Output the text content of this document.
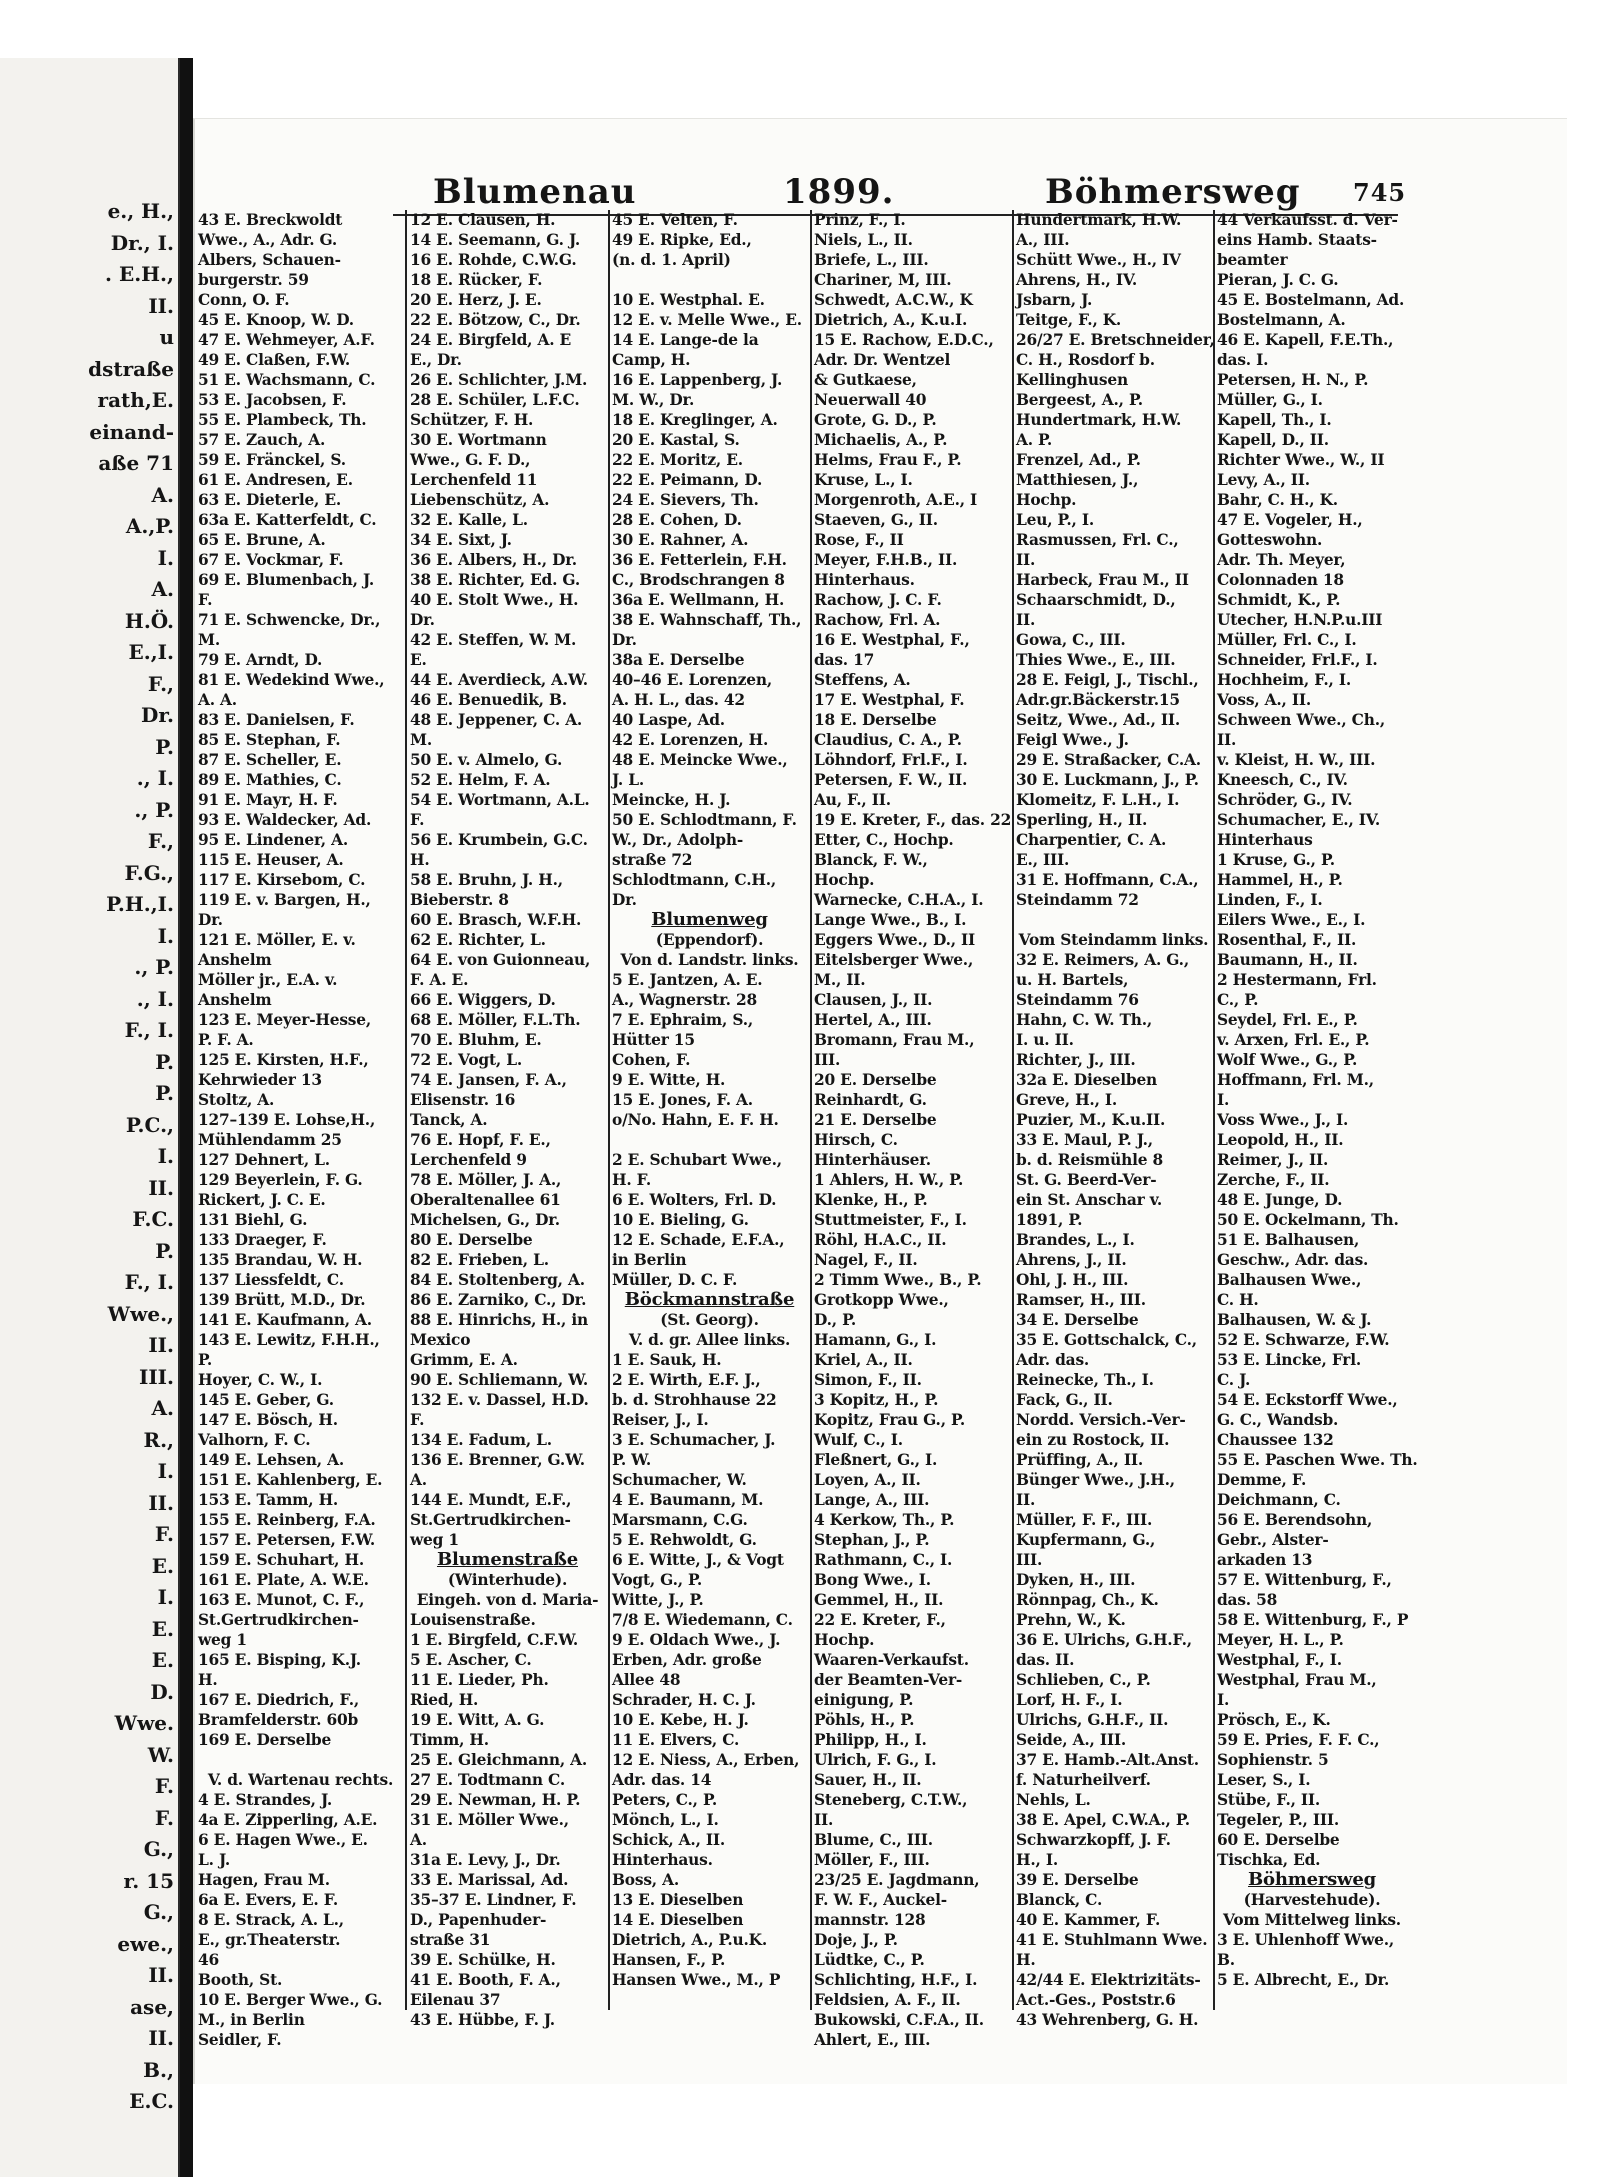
e., H.,
Dr., I.
. E.H.,
II.
u
dstraße
rath,E.
einand-
aße 71
A.
A.,P.
I.
A.
H.Ö.
E.,I.
F.,
Dr.
P.
., I.
., P.
F.,
F.G.,
P.H.,I.
I.
., P.
., I.
F., I.
P.
P.
P.C.,
I.
II.
F.C.
P.
F., I.
Wwe.,
II.
III.
A.
R.,
I.
II.
F.
E.
I.
E.
E.
D.
Wwe.
W.
F.
F.
G.,
r. 15
G.,
ewe.,
II.
ase,
II.
B.,
E.C.
Blumenau	1899.	Böhmersweg 745
43 E. Breckwoldt
Wwe., A., Adr. G.
Albers, Schauen-
burgerstr. 59
Conn, O. F.
45 E. Knoop, W. D.
47 E. Wehmeyer, A.F.
49 E. Claßen, F.W.
51 E. Wachsmann, C.
53 E. Jacobsen, F.
55 E. Plambeck, Th.
57 E. Zauch, A.
59 E. Fränckel, S.
61 E. Andresen, E.
63 E. Dieterle, E.
63a E. Katterfeldt, C.
65 E. Brune, A.
67 E. Vockmar, F.
69 E. Blumenbach, J.
F.
71 E. Schwencke, Dr.,
M.
79 E. Arndt, D.
81 E. Wedekind Wwe.,
A. A.
83 E. Danielsen, F.
85 E. Stephan, F.
87 E. Scheller, E.
89 E. Mathies, C.
91 E. Mayr, H. F.
93 E. Waldecker, Ad.
95 E. Lindener, A.
115 E. Heuser, A.
117 E. Kirsebom, C.
119 E. v. Bargen, H.,
Dr.
121 E. Möller, E. v.
Anshelm
Möller jr., E.A. v.
Anshelm
123 E. Meyer-Hesse,
P. F. A.
125 E. Kirsten, H.F.,
Kehrwieder 13
Stoltz, A.
127–139 E. Lohse,H.,
Mühlendamm 25
127 Dehnert, L.
129 Beyerlein, F. G.
Rickert, J. C. E.
131 Biehl, G.
133 Draeger, F.
135 Brandau, W. H.
137 Liessfeldt, C.
139 Brütt, M.D., Dr.
141 E. Kaufmann, A.
143 E. Lewitz, F.H.H.,
P.
Hoyer, C. W., I.
145 E. Geber, G.
147 E. Bösch, H.
Valhorn, F. C.
149 E. Lehsen, A.
151 E. Kahlenberg, E.
153 E. Tamm, H.
155 E. Reinberg, F.A.
157 E. Petersen, F.W.
159 E. Schuhart, H.
161 E. Plate, A. W.E.
163 E. Munot, C. F.,
St.Gertrudkirchen-
weg 1
165 E. Bisping, K.J.
H.
167 E. Diedrich, F.,
Bramfelderstr. 60b
169 E. Derselbe
V. d. Wartenau rechts.
4 E. Strandes, J.
4a E. Zipperling, A.E.
6 E. Hagen Wwe., E.
L. J.
Hagen, Frau M.
6a E. Evers, E. F.
8 E. Strack, A. L.,
E., gr.Theaterstr.
46
Booth, St.
10 E. Berger Wwe., G.
M., in Berlin
Seidler, F.
12 E. Clausen, H.
14 E. Seemann, G. J.
16 E. Rohde, C.W.G.
18 E. Rücker, F.
20 E. Herz, J. E.
22 E. Bötzow, C., Dr.
24 E. Birgfeld, A. E
E., Dr.
26 E. Schlichter, J.M.
28 E. Schüler, L.F.C.
Schützer, F. H.
30 E. Wortmann
Wwe., G. F. D.,
Lerchenfeld 11
Liebenschütz, A.
32 E. Kalle, L.
34 E. Sixt, J.
36 E. Albers, H., Dr.
38 E. Richter, Ed. G.
40 E. Stolt Wwe., H.
Dr.
42 E. Steffen, W. M.
E.
44 E. Averdieck, A.W.
46 E. Benuedik, B.
48 E. Jeppener, C. A.
M.
50 E. v. Almelo, G.
52 E. Helm, F. A.
54 E. Wortmann, A.L.
F.
56 E. Krumbein, G.C.
H.
58 E. Bruhn, J. H.,
Bieberstr. 8
60 E. Brasch, W.F.H.
62 E. Richter, L.
64 E. von Guionneau,
F. A. E.
66 E. Wiggers, D.
68 E. Möller, F.L.Th.
70 E. Bluhm, E.
72 E. Vogt, L.
74 E. Jansen, F. A.,
Elisenstr. 16
Tanck, A.
76 E. Hopf, F. E.,
Lerchenfeld 9
78 E. Möller, J. A.,
Oberaltenallee 61
Michelsen, G., Dr.
80 E. Derselbe
82 E. Frieben, L.
84 E. Stoltenberg, A.
86 E. Zarniko, C., Dr.
88 E. Hinrichs, H., in
Mexico
Grimm, E. A.
90 E. Schliemann, W.
132 E. v. Dassel, H.D.
F.
134 E. Fadum, L.
136 E. Brenner, G.W.
A.
144 E. Mundt, E.F.,
St.Gertrudkirchen-
weg 1
Blumenstraße
(Winterhude).
Eingeh. von d. Maria-
Louisenstraße.
1 E. Birgfeld, C.F.W.
5 E. Ascher, C.
11 E. Lieder, Ph.
Ried, H.
19 E. Witt, A. G.
Timm, H.
25 E. Gleichmann, A.
27 E. Todtmann C.
29 E. Newman, H. P.
31 E. Möller Wwe.,
A.
31a E. Levy, J., Dr.
33 E. Marissal, Ad.
35–37 E. Lindner, F.
D., Papenhuder-
straße 31
39 E. Schülke, H.
41 E. Booth, F. A.,
Eilenau 37
43 E. Hübbe, F. J.
45 E. Velten, F.
49 E. Ripke, Ed.,
(n. d. 1. April)
10 E. Westphal. E.
12 E. v. Melle Wwe., E.
14 E. Lange-de la
Camp, H.
16 E. Lappenberg, J.
M. W., Dr.
18 E. Kreglinger, A.
20 E. Kastal, S.
22 E. Moritz, E.
22 E. Peimann, D.
24 E. Sievers, Th.
28 E. Cohen, D.
30 E. Rahner, A.
36 E. Fetterlein, F.H.
C., Brodschrangen 8
36a E. Wellmann, H.
38 E. Wahnschaff, Th.,
Dr.
38a E. Derselbe
40–46 E. Lorenzen,
A. H. L., das. 42
40 Laspe, Ad.
42 E. Lorenzen, H.
48 E. Meincke Wwe.,
J. L.
Meincke, H. J.
50 E. Schlodtmann, F.
W., Dr., Adolph-
straße 72
Schlodtmann, C.H.,
Dr.
Blumenweg
(Eppendorf).
Von d. Landstr. links.
5 E. Jantzen, A. E.
A., Wagnerstr. 28
7 E. Ephraim, S.,
Hütter 15
Cohen, F.
9 E. Witte, H.
15 E. Jones, F. A.
o/No. Hahn, E. F. H.
2 E. Schubart Wwe.,
H. F.
6 E. Wolters, Frl. D.
10 E. Bieling, G.
12 E. Schade, E.F.A.,
in Berlin
Müller, D. C. F.
Böckmannstraße
(St. Georg).
V. d. gr. Allee links.
1 E. Sauk, H.
2 E. Wirth, E.F. J.,
b. d. Strohhause 22
Reiser, J., I.
3 E. Schumacher, J.
P. W.
Schumacher, W.
4 E. Baumann, M.
Marsmann, C.G.
5 E. Rehwoldt, G.
6 E. Witte, J., & Vogt
Vogt, G., P.
Witte, J., P.
7/8 E. Wiedemann, C.
9 E. Oldach Wwe., J.
Erben, Adr. große
Allee 48
Schrader, H. C. J.
10 E. Kebe, H. J.
11 E. Elvers, C.
12 E. Niess, A., Erben,
Adr. das. 14
Peters, C., P.
Mönch, L., I.
Schick, A., II.
Hinterhaus.
Boss, A.
13 E. Dieselben
14 E. Dieselben
Dietrich, A., P.u.K.
Hansen, F., P.
Hansen Wwe., M., P
Prinz, F., I.
Niels, L., II.
Briefe, L., III.
Chariner, M, III.
Schwedt, A.C.W., K
Dietrich, A., K.u.I.
15 E. Rachow, E.D.C.,
Adr. Dr. Wentzel
& Gutkaese,
Neuerwall 40
Grote, G. D., P.
Michaelis, A., P.
Helms, Frau F., P.
Kruse, L., I.
Morgenroth, A.E., I
Staeven, G., II.
Rose, F., II
Meyer, F.H.B., II.
Hinterhaus.
Rachow, J. C. F.
Rachow, Frl. A.
16 E. Westphal, F.,
das. 17
Steffens, A.
17 E. Westphal, F.
18 E. Derselbe
Claudius, C. A., P.
Löhndorf, Frl.F., I.
Petersen, F. W., II.
Au, F., II.
19 E. Kreter, F., das. 22
Etter, C., Hochp.
Blanck, F. W.,
Hochp.
Warnecke, C.H.A., I.
Lange Wwe., B., I.
Eggers Wwe., D., II
Eitelsberger Wwe.,
M., II.
Clausen, J., II.
Hertel, A., III.
Bromann, Frau M.,
III.
20 E. Derselbe
Reinhardt, G.
21 E. Derselbe
Hirsch, C.
Hinterhäuser.
1 Ahlers, H. W., P.
Klenke, H., P.
Stuttmeister, F., I.
Röhl, H.A.C., II.
Nagel, F., II.
2 Timm Wwe., B., P.
Grotkopp Wwe.,
D., P.
Hamann, G., I.
Kriel, A., II.
Simon, F., II.
3 Kopitz, H., P.
Kopitz, Frau G., P.
Wulf, C., I.
Fleßnert, G., I.
Loyen, A., II.
Lange, A., III.
4 Kerkow, Th., P.
Stephan, J., P.
Rathmann, C., I.
Bong Wwe., I.
Gemmel, H., II.
22 E. Kreter, F.,
Hochp.
Waaren-Verkaufst.
der Beamten-Ver-
einigung, P.
Pöhls, H., P.
Philipp, H., I.
Ulrich, F. G., I.
Sauer, H., II.
Steneberg, C.T.W.,
II.
Blume, C., III.
Möller, F., III.
23/25 E. Jagdmann,
F. W. F., Auckel-
mannstr. 128
Doje, J., P.
Lüdtke, C., P.
Schlichting, H.F., I.
Feldsien, A. F., II.
Bukowski, C.F.A., II.
Ahlert, E., III.
Hundertmark, H.W.
A., III.
Schütt Wwe., H., IV
Ahrens, H., IV.
Jsbarn, J.
Teitge, F., K.
26/27 E. Bretschneider,
C. H., Rosdorf b.
Kellinghusen
Bergeest, A., P.
Hundertmark, H.W.
A. P.
Frenzel, Ad., P.
Matthiesen, J.,
Hochp.
Leu, P., I.
Rasmussen, Frl. C.,
II.
Harbeck, Frau M., II
Schaarschmidt, D.,
II.
Gowa, C., III.
Thies Wwe., E., III.
28 E. Feigl, J., Tischl.,
Adr.gr.Bäckerstr.15
Seitz, Wwe., Ad., II.
Feigl Wwe., J.
29 E. Straßacker, C.A.
30 E. Luckmann, J., P.
Klomeitz, F. L.H., I.
Sperling, H., II.
Charpentier, C. A.
E., III.
31 E. Hoffmann, C.A.,
Steindamm 72
Vom Steindamm links.
32 E. Reimers, A. G.,
u. H. Bartels,
Steindamm 76
Hahn, C. W. Th.,
I. u. II.
Richter, J., III.
32a E. Dieselben
Greve, H., I.
Puzier, M., K.u.II.
33 E. Maul, P. J.,
b. d. Reismühle 8
St. G. Beerd-Ver-
ein St. Anschar v.
1891, P.
Brandes, L., I.
Ahrens, J., II.
Ohl, J. H., III.
Ramser, H., III.
34 E. Derselbe
35 E. Gottschalck, C.,
Adr. das.
Reinecke, Th., I.
Fack, G., II.
Nordd. Versich.-Ver-
ein zu Rostock, II.
Prüffing, A., II.
Bünger Wwe., J.H.,
II.
Müller, F. F., III.
Kupfermann, G.,
III.
Dyken, H., III.
Rönnpag, Ch., K.
Prehn, W., K.
36 E. Ulrichs, G.H.F.,
das. II.
Schlieben, C., P.
Lorf, H. F., I.
Ulrichs, G.H.F., II.
Seide, A., III.
37 E. Hamb.-Alt.Anst.
f. Naturheilverf.
Nehls, L.
38 E. Apel, C.W.A., P.
Schwarzkopff, J. F.
H., I.
39 E. Derselbe
Blanck, C.
40 E. Kammer, F.
41 E. Stuhlmann Wwe.
H.
42/44 E. Elektrizitäts-
Act.-Ges., Poststr.6
43 Wehrenberg, G. H.
44 Verkaufsst. d. Ver-
eins Hamb. Staats-
beamter
Pieran, J. C. G.
45 E. Bostelmann, Ad.
Bostelmann, A.
46 E. Kapell, F.E.Th.,
das. I.
Petersen, H. N., P.
Müller, G., I.
Kapell, Th., I.
Kapell, D., II.
Richter Wwe., W., II
Levy, A., II.
Bahr, C. H., K.
47 E. Vogeler, H.,
Gotteswohn.
Adr. Th. Meyer,
Colonnaden 18
Schmidt, K., P.
Utecher, H.N.P.u.III
Müller, Frl. C., I.
Schneider, Frl.F., I.
Hochheim, F., I.
Voss, A., II.
Schween Wwe., Ch.,
II.
v. Kleist, H. W., III.
Kneesch, C., IV.
Schröder, G., IV.
Schumacher, E., IV.
Hinterhaus
1 Kruse, G., P.
Hammel, H., P.
Linden, F., I.
Eilers Wwe., E., I.
Rosenthal, F., II.
Baumann, H., II.
2 Hestermann, Frl.
C., P.
Seydel, Frl. E., P.
v. Arxen, Frl. E., P.
Wolf Wwe., G., P.
Hoffmann, Frl. M.,
I.
Voss Wwe., J., I.
Leopold, H., II.
Reimer, J., II.
Zerche, F., II.
48 E. Junge, D.
50 E. Ockelmann, Th.
51 E. Balhausen,
Geschw., Adr. das.
Balhausen Wwe.,
C. H.
Balhausen, W. & J.
52 E. Schwarze, F.W.
53 E. Lincke, Frl.
C. J.
54 E. Eckstorff Wwe.,
G. C., Wandsb.
Chaussee 132
55 E. Paschen Wwe. Th.
Demme, F.
Deichmann, C.
56 E. Berendsohn,
Gebr., Alster-
arkaden 13
57 E. Wittenburg, F.,
das. 58
58 E. Wittenburg, F., P
Meyer, H. L., P.
Westphal, F., I.
Westphal, Frau M.,
I.
Prösch, E., K.
59 E. Pries, F. F. C.,
Sophienstr. 5
Leser, S., I.
Stübe, F., II.
Tegeler, P., III.
60 E. Derselbe
Tischka, Ed.
Böhmersweg
(Harvestehude).
Vom Mittelweg links.
3 E. Uhlenhoff Wwe.,
B.
5 E. Albrecht, E., Dr.
